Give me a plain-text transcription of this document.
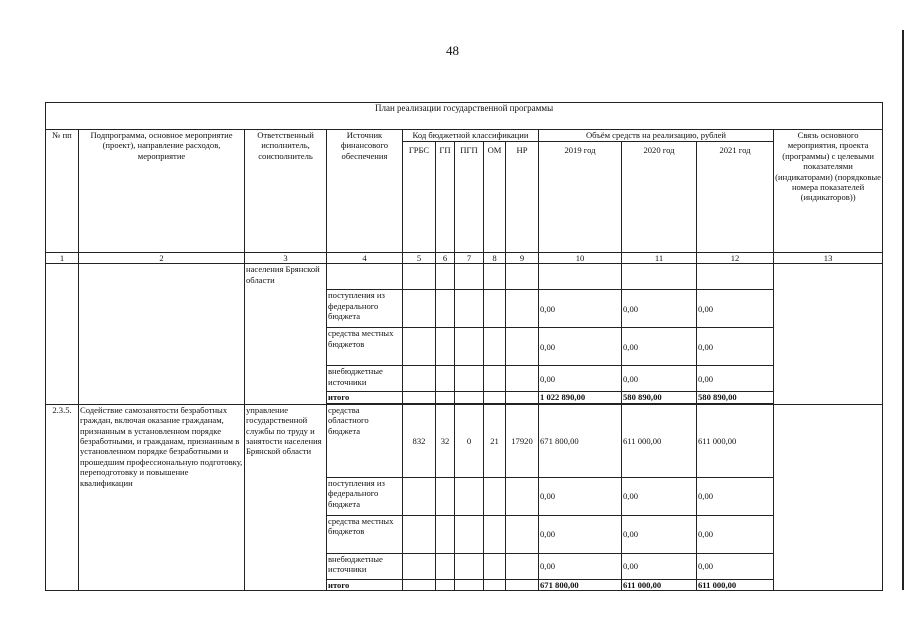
48
План реализации государственной программы												
№ пп	Подпрограмма, основное мероприятие (проект), направление расходов, мероприятие	Ответственный исполнитель, соисполнитель	Источник финансового обеспечения	Код бюджетной классификации					Объём средств на реализацию, рублей			Связь основного мероприятия, проекта (программы) с целевыми показателями (индикаторами) (порядковые номера показателей (индикаторов))
				ГРБС	ГП	ПГП	ОМ	НР	2019 год	2020 год	2021 год	
1	2	3	4	5	6	7	8	9	10	11	12	13
		населения Брянской области										
			поступления из федерального бюджета						0,00	0,00	0,00	
			средства местных бюджетов						0,00	0,00	0,00	
			внебюджетные источники						0,00	0,00	0,00	
			итого						1 022 890,00	580 890,00	580 890,00	

2.3.5.	Содействие самозанятости безработных граждан, включая оказание гражданам, признанным в установленном порядке безработными, и гражданам, признанным в установленном порядке безработными и прошедшим профессиональную подготовку, переподготовку и повышение квалификации	управление государственной службы по труду и занятости населения Брянской области	средства областного бюджета	832	32	0	21	17920	671 800,00	611 000,00	611 000,00	
			поступления из федерального бюджета						0,00	0,00	0,00	
			средства местных бюджетов						0,00	0,00	0,00	
			внебюджетные источники						0,00	0,00	0,00	
			итого						671 800,00	611 000,00	611 000,00	
